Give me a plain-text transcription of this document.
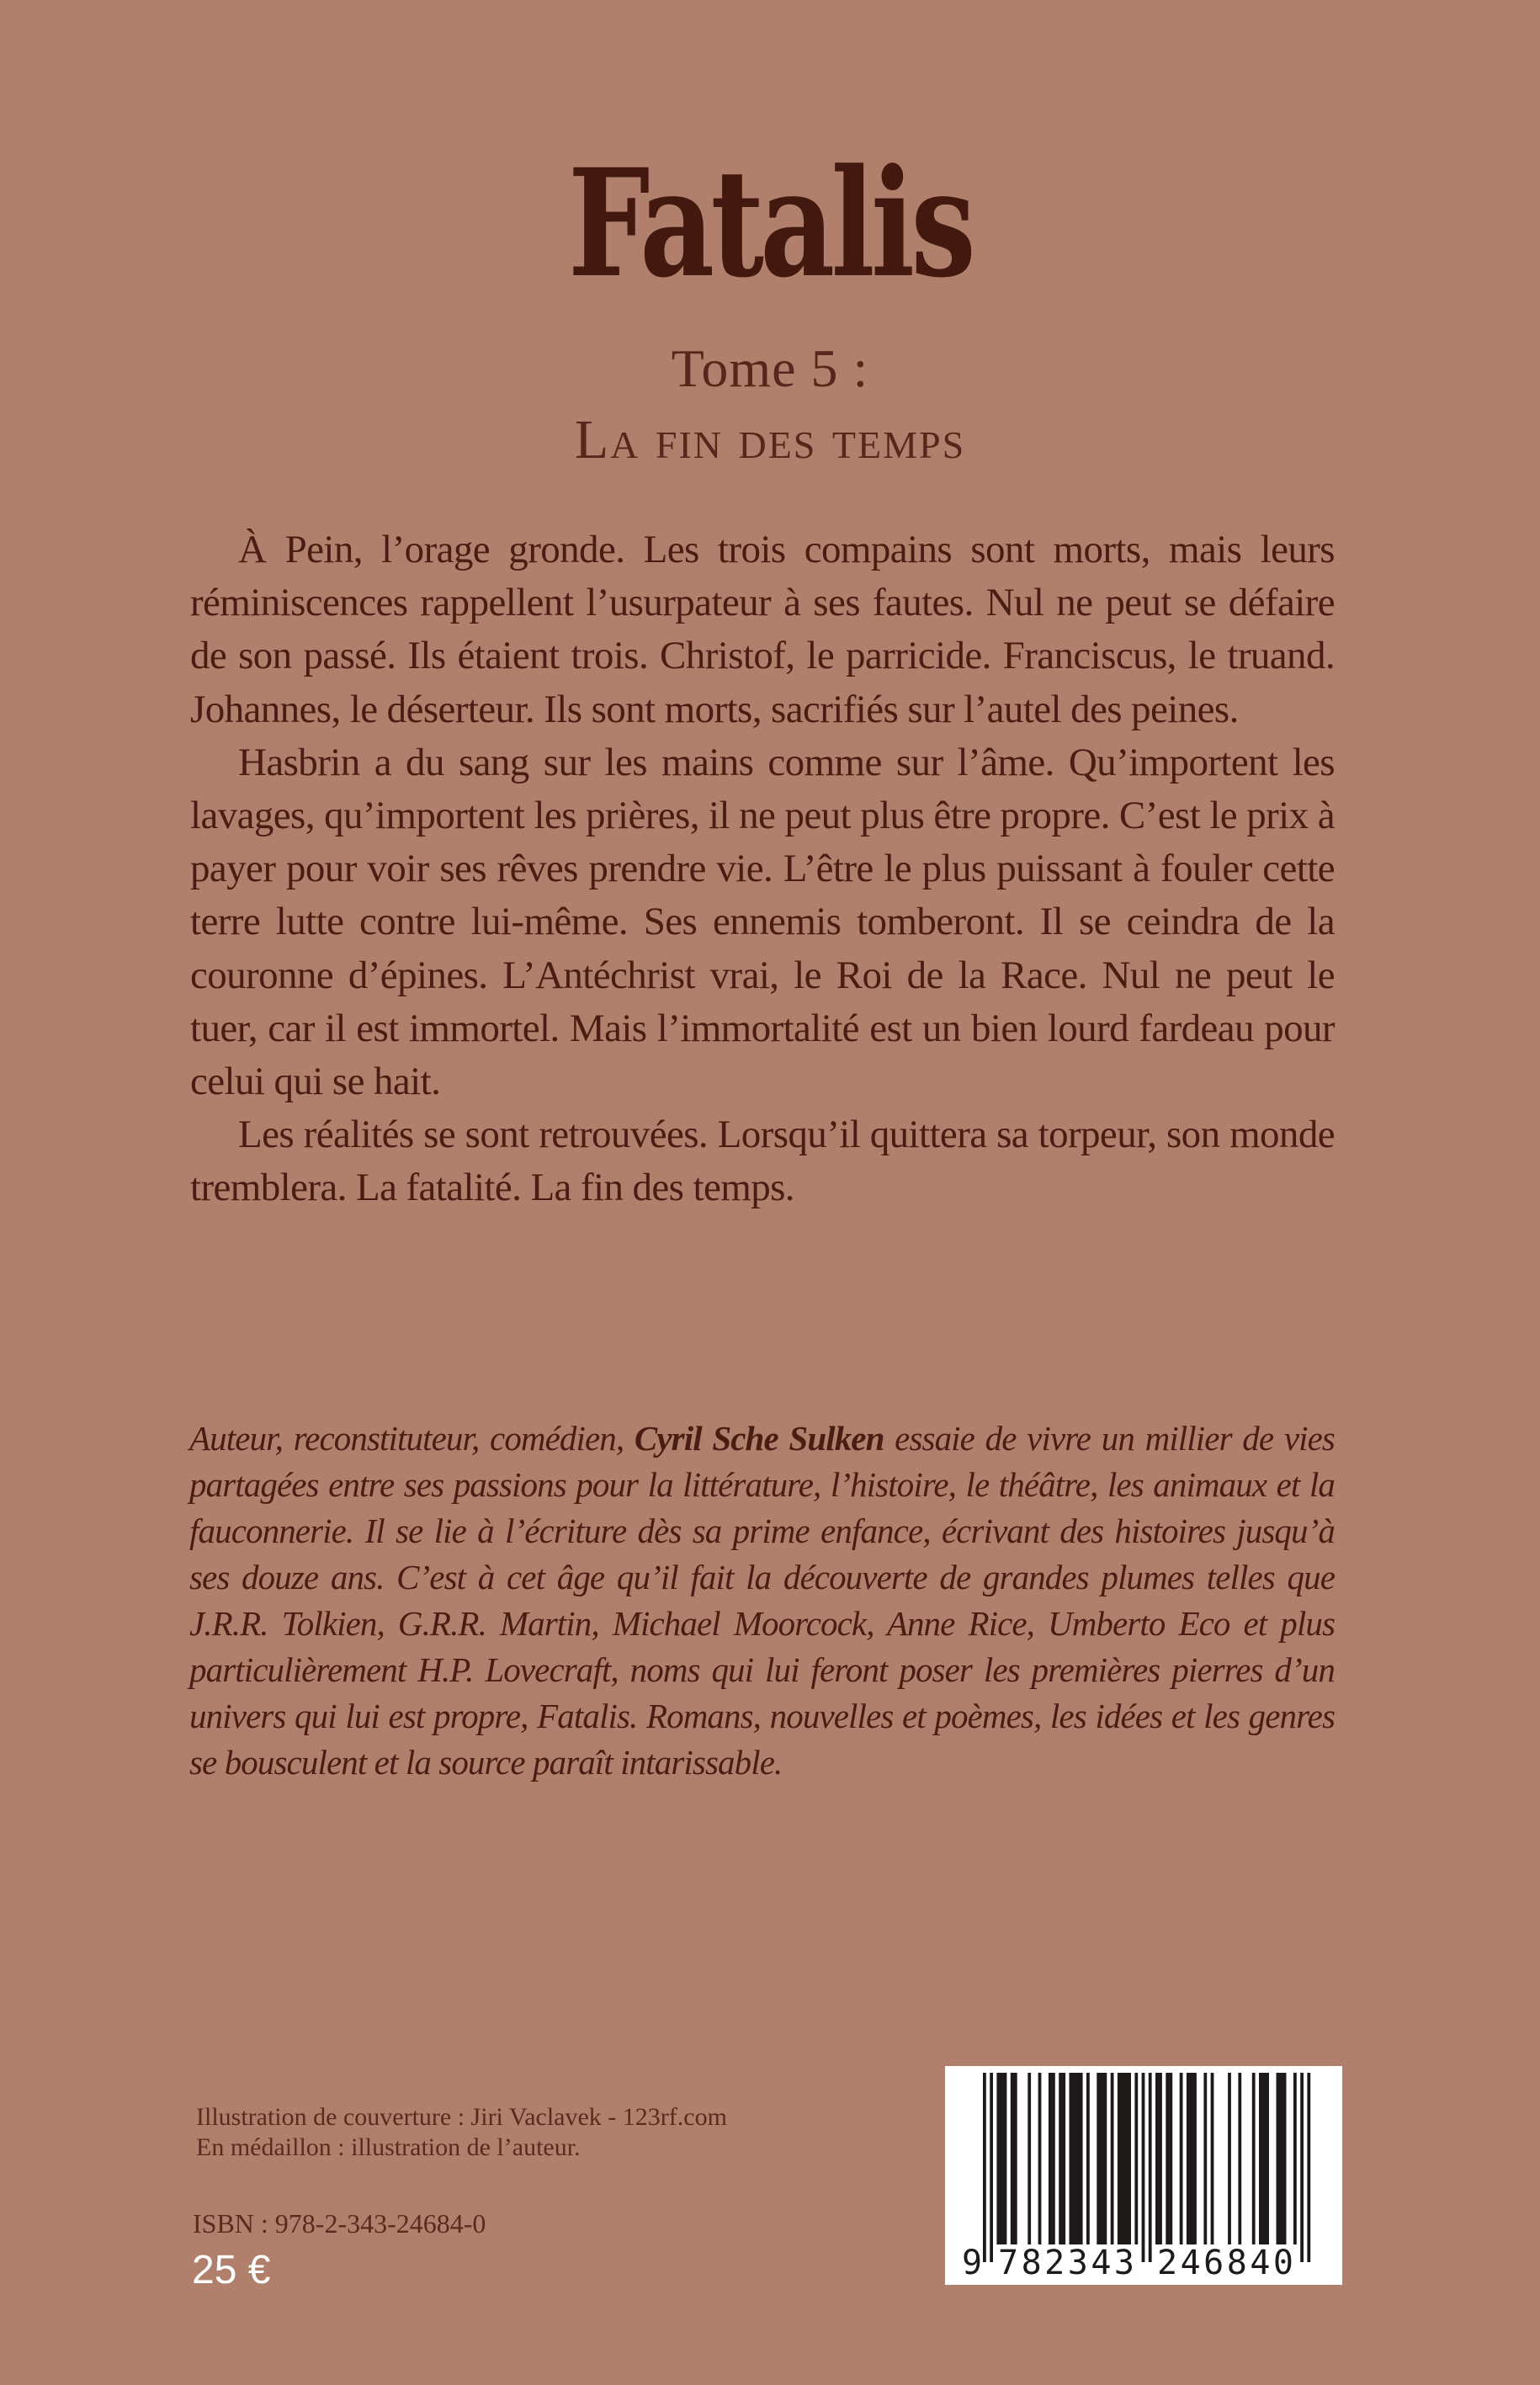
Fatalis
Tome 5 :
La fin des temps

À Pein, l’orage gronde. Les trois compains sont morts, mais leurs réminiscences rappellent l’usurpateur à ses fautes. Nul ne peut se défaire de son passé. Ils étaient trois. Christof, le parricide. Franciscus, le truand. Johannes, le déserteur. Ils sont morts, sacrifiés sur l’autel des peines.

Hasbrin a du sang sur les mains comme sur l’âme. Qu’importent les lavages, qu’importent les prières, il ne peut plus être propre. C’est le prix à payer pour voir ses rêves prendre vie. L’être le plus puissant à fouler cette terre lutte contre lui-même. Ses ennemis tomberont. Il se ceindra de la couronne d’épines. L’Antéchrist vrai, le Roi de la Race. Nul ne peut le tuer, car il est immortel. Mais l’immortalité est un bien lourd fardeau pour celui qui se hait.

Les réalités se sont retrouvées. Lorsqu’il quittera sa torpeur, son monde tremblera. La fatalité. La fin des temps.

Auteur, reconstituteur, comédien, Cyril Sche Sulken essaie de vivre un millier de vies partagées entre ses passions pour la littérature, l’histoire, le théâtre, les animaux et la fauconnerie. Il se lie à l’écriture dès sa prime enfance, écrivant des histoires jusqu’à ses douze ans. C’est à cet âge qu’il fait la découverte de grandes plumes telles que J.R.R. Tolkien, G.R.R. Martin, Michael Moorcock, Anne Rice, Umberto Eco et plus particulièrement H.P. Lovecraft, noms qui lui feront poser les premières pierres d’un univers qui lui est propre, Fatalis. Romans, nouvelles et poèmes, les idées et les genres se bousculent et la source paraît intarissable.

Illustration de couverture : Jiri Vaclavek - 123rf.com
En médaillon : illustration de l’auteur.
ISBN : 978-2-343-24684-0
25 €	9 782343 246840
